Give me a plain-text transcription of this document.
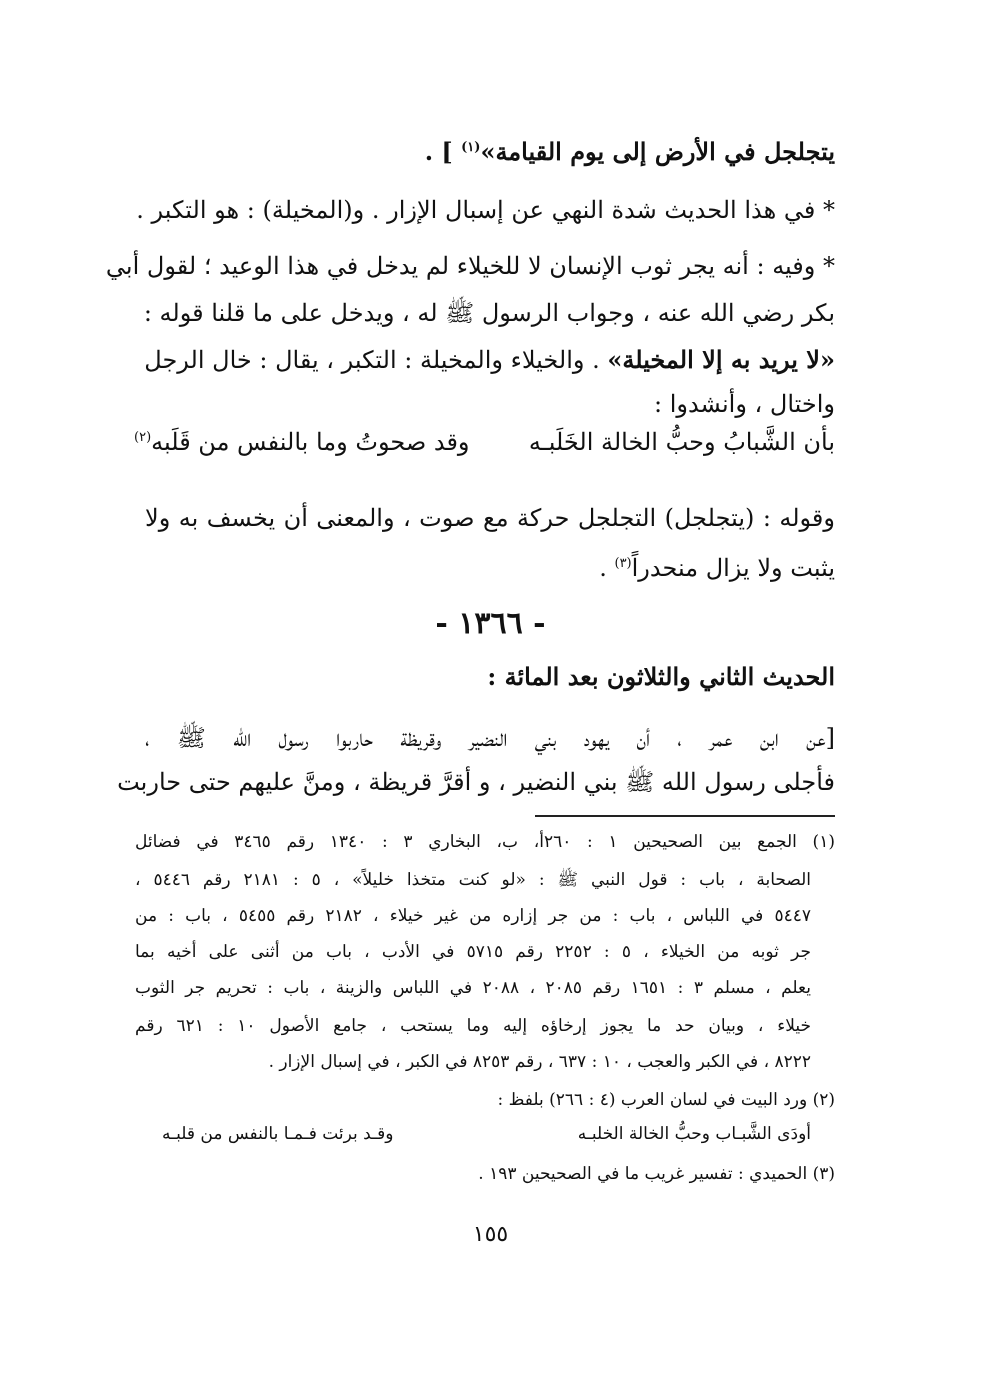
يتجلجل في الأرض إلى يوم القيامة»$^{(١)}$ ] .
* في هذا الحديث شدة النهي عن إسبال الإزار . و(المخيلة) : هو التكبر .
* وفيه : أنه يجر ثوب الإنسان لا للخيلاء لم يدخل في هذا الوعيد ؛ لقول أبي
بكر رضي الله عنه ، وجواب الرسول ﷺ له ، ويدخل على ما قلنا قوله :
«لا يريد به إلا المخيلة» . والخيلاء والمخيلة : التكبر ، يقال : خال الرجل
واختال ، وأنشدوا :
بأن الشَّبابُ وحبُّ الخالة الخَلَبـه
وقد صحوتُ وما بالنفس من قَلَبه$^{(٢)}$
وقوله : (يتجلجل) التجلجل حركة مع صوت ، والمعنى أن يخسف به ولا
يثبت ولا يزال منحدراً$^{(٣)}$ .
- ١٣٦٦ -
الحديث الثاني والثلاثون بعد المائة :
[عن ابن عمر ، أن يهود بني النضير وقريظة حاربوا رسول الله ﷺ ،
فأجلى رسول الله ﷺ بني النضير ، و أقرَّ قريظة ، ومنَّ عليهم حتى حاربت
(١) الجمع بين الصحيحين ١ : ٢٦٠أ، ب، البخاري ٣ : ١٣٤٠ رقم ٣٤٦٥ في فضائل
الصحابة ، باب : قول النبي ﷺ : «لو كنت متخذا خليلاً» ، ٥ : ٢١٨١ رقم ٥٤٤٦ ،
٥٤٤٧ في اللباس ، باب : من جر إزاره من غير خيلاء ، ٢١٨٢ رقم ٥٤٥٥ ، باب : من
جر ثوبه من الخيلاء ، ٥ : ٢٢٥٢ رقم ٥٧١٥ في الأدب ، باب من أثنى على أخيه بما
يعلم ، مسلم ٣ : ١٦٥١ رقم ٢٠٨٥ ، ٢٠٨٨ في اللباس والزينة ، باب : تحريم جر الثوب
خيلاء ، وبيان حد ما يجوز إرخاؤه إليه وما يستحب ، جامع الأصول ١٠ : ٦٢١ رقم
٨٢٢٢ ، في الكبر والعجب ، ١٠ : ٦٣٧ ، رقم ٨٢٥٣ في الكبر ، في إسبال الإزار .
(٢) ورد البيت في لسان العرب (٤ : ٢٦٦) بلفظ :
أودَى الشَّبـاب وحبُّ الخالة الخلبـه
وقـد برئت فـمـا بالنفس من قلبـه
(٣) الحميدي : تفسير غريب ما في الصحيحين ١٩٣ .
١٥٥
